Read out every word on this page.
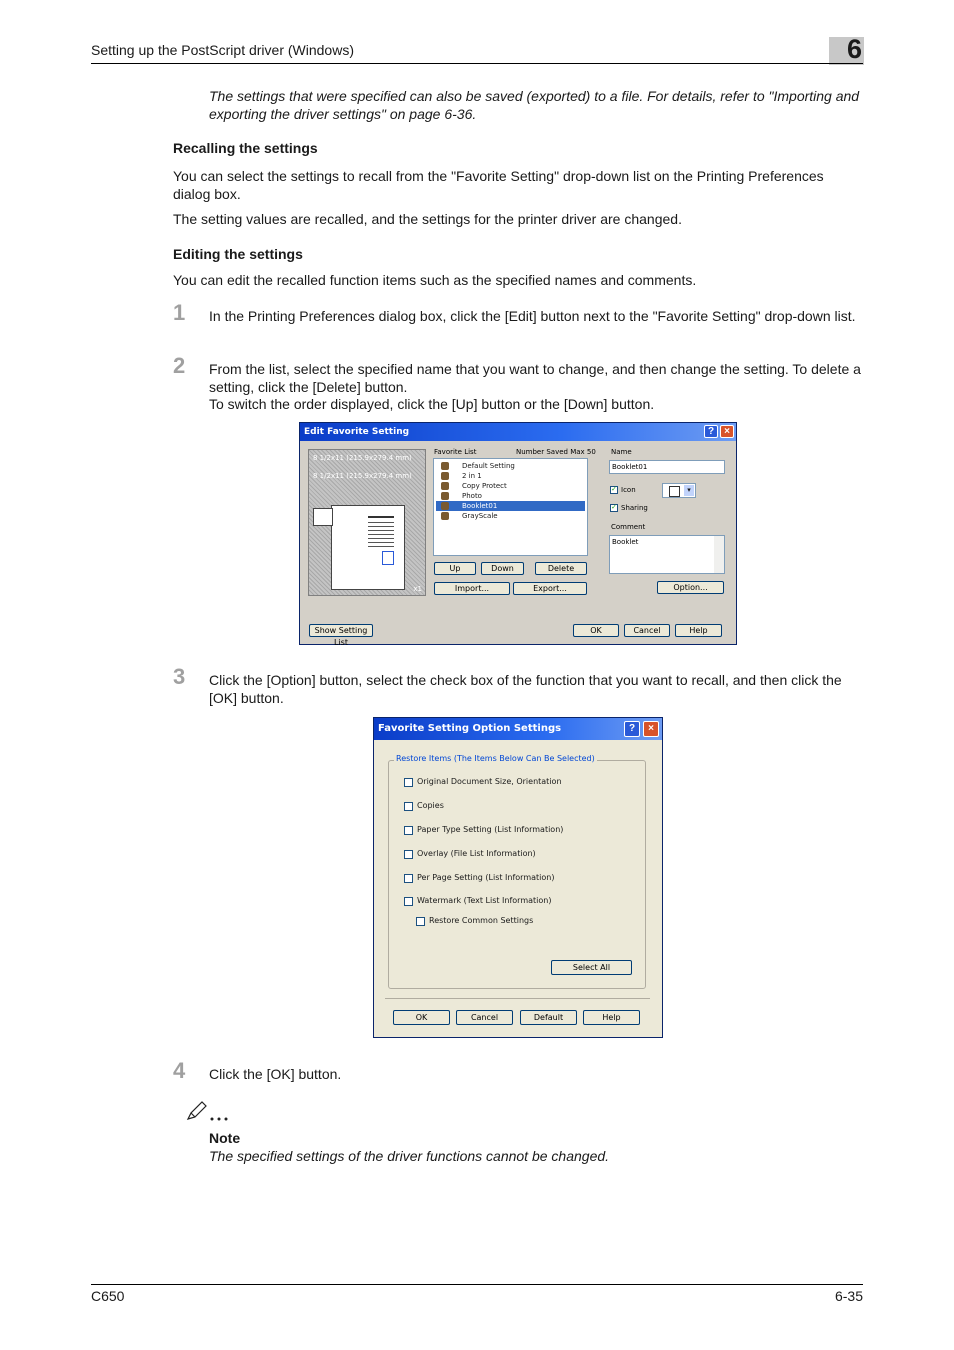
Setting up the PostScript driver (Windows)	6
The settings that were specified can also be saved (exported) to a file. For details, refer to "Importing and exporting the driver settings" on page 6-36.
Recalling the settings
You can select the settings to recall from the "Favorite Setting" drop-down list on the Printing Preferences dialog box.
The setting values are recalled, and the settings for the printer driver are changed.
Editing the settings
You can edit the recalled function items such as the specified names and comments.
1 In the Printing Preferences dialog box, click the [Edit] button next to the "Favorite Setting" drop-down list.
2 From the list, select the specified name that you want to change, and then change the setting. To delete a setting, click the [Delete] button.
To switch the order displayed, click the [Up] button or the [Down] button.
Edit Favorite Setting	?	×
8 1/2x11 (215.9x279.4 mm)
8 1/2x11 (215.9x279.4 mm)
x1
Favorite List	Number Saved Max 50
Default Setting
2 in 1
Copy Protect
Photo
Booklet01
GrayScale
Up	Down	Delete
Import...	Export...
Name
Booklet01
✓ Icon	▾
✓ Sharing
Comment
Booklet
Option...
Show Setting List
OK	Cancel	Help
3 Click the [Option] button, select the check box of the function that you want to recall, and then click the [OK] button.
Favorite Setting Option Settings	?	×
Restore Items (The Items Below Can Be Selected)
Original Document Size, Orientation
Copies
Paper Type Setting (List Information)
Overlay (File List Information)
Per Page Setting (List Information)
Watermark (Text List Information)
Restore Common Settings
Select All
OK	Cancel	Default	Help
4 Click the [OK] button.
Note
The specified settings of the driver functions cannot be changed.
C650	6-35
